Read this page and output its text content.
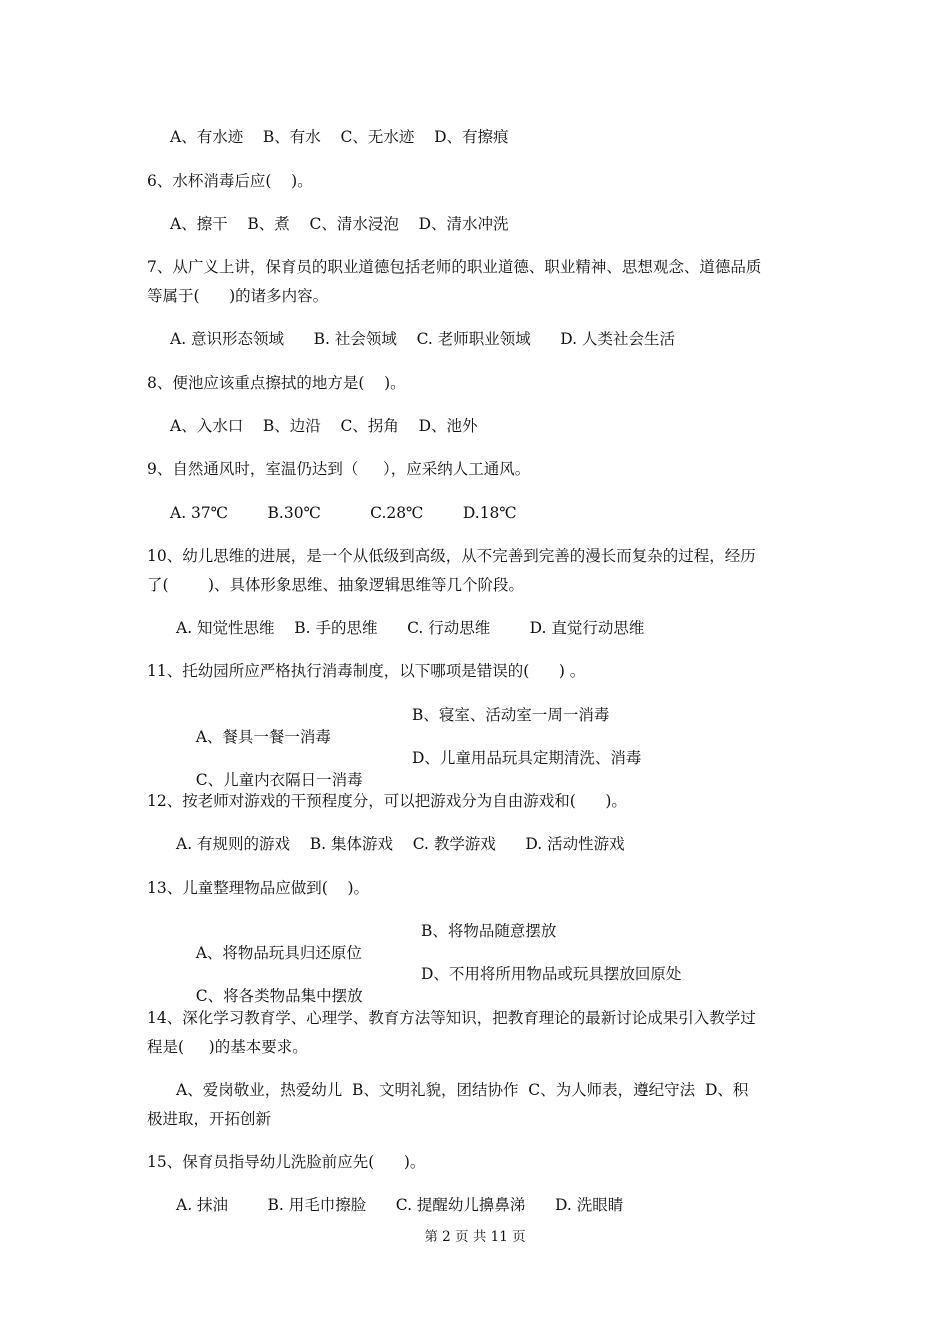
A、有水迹    B、有水    C、无水迹    D、有擦痕
6、水杯消毒后应(    )。
A、擦干    B、煮    C、清水浸泡    D、清水冲洗
7、从广义上讲，保育员的职业道德包括老师的职业道德、职业精神、思想观念、道德品质
等属于(      )的诸多内容。
A. 意识形态领域      B. 社会领域    C. 老师职业领域      D. 人类社会生活
8、便池应该重点擦拭的地方是(    )。
A、入水口    B、边沿    C、拐角    D、池外
9、自然通风时，室温仍达到（     ），应采纳人工通风。
A. 37℃        B.30℃          C.28℃        D.18℃
10、幼儿思维的进展，是一个从低级到高级，从不完善到完善的漫长而复杂的过程，经历
了(        )、具体形象思维、抽象逻辑思维等几个阶段。
A. 知觉性思维    B. 手的思维      C. 行动思维        D. 直觉行动思维
11、托幼园所应严格执行消毒制度，以下哪项是错误的(      ) 。

A、餐具一餐一消毒

B、寝室、活动室一周一消毒

C、儿童内衣隔日一消毒

D、儿童用品玩具定期清洗、消毒

12、按老师对游戏的干预程度分，可以把游戏分为自由游戏和(      )。
A. 有规则的游戏    B. 集体游戏    C. 教学游戏      D. 活动性游戏
13、儿童整理物品应做到(    )。

A、将物品玩具归还原位

B、将物品随意摆放

C、将各类物品集中摆放

D、不用将所用物品或玩具摆放回原处

14、深化学习教育学、心理学、教育方法等知识，把教育理论的最新讨论成果引入教学过
程是(     )的基本要求。
A、爱岗敬业，热爱幼儿  B、文明礼貌，团结协作  C、为人师表，遵纪守法  D、积
极进取，开拓创新
15、保育员指导幼儿洗脸前应先(      )。
A. 抹油        B. 用毛巾擦脸      C. 提醒幼儿擤鼻涕      D. 洗眼睛
第 2 页 共 11 页
